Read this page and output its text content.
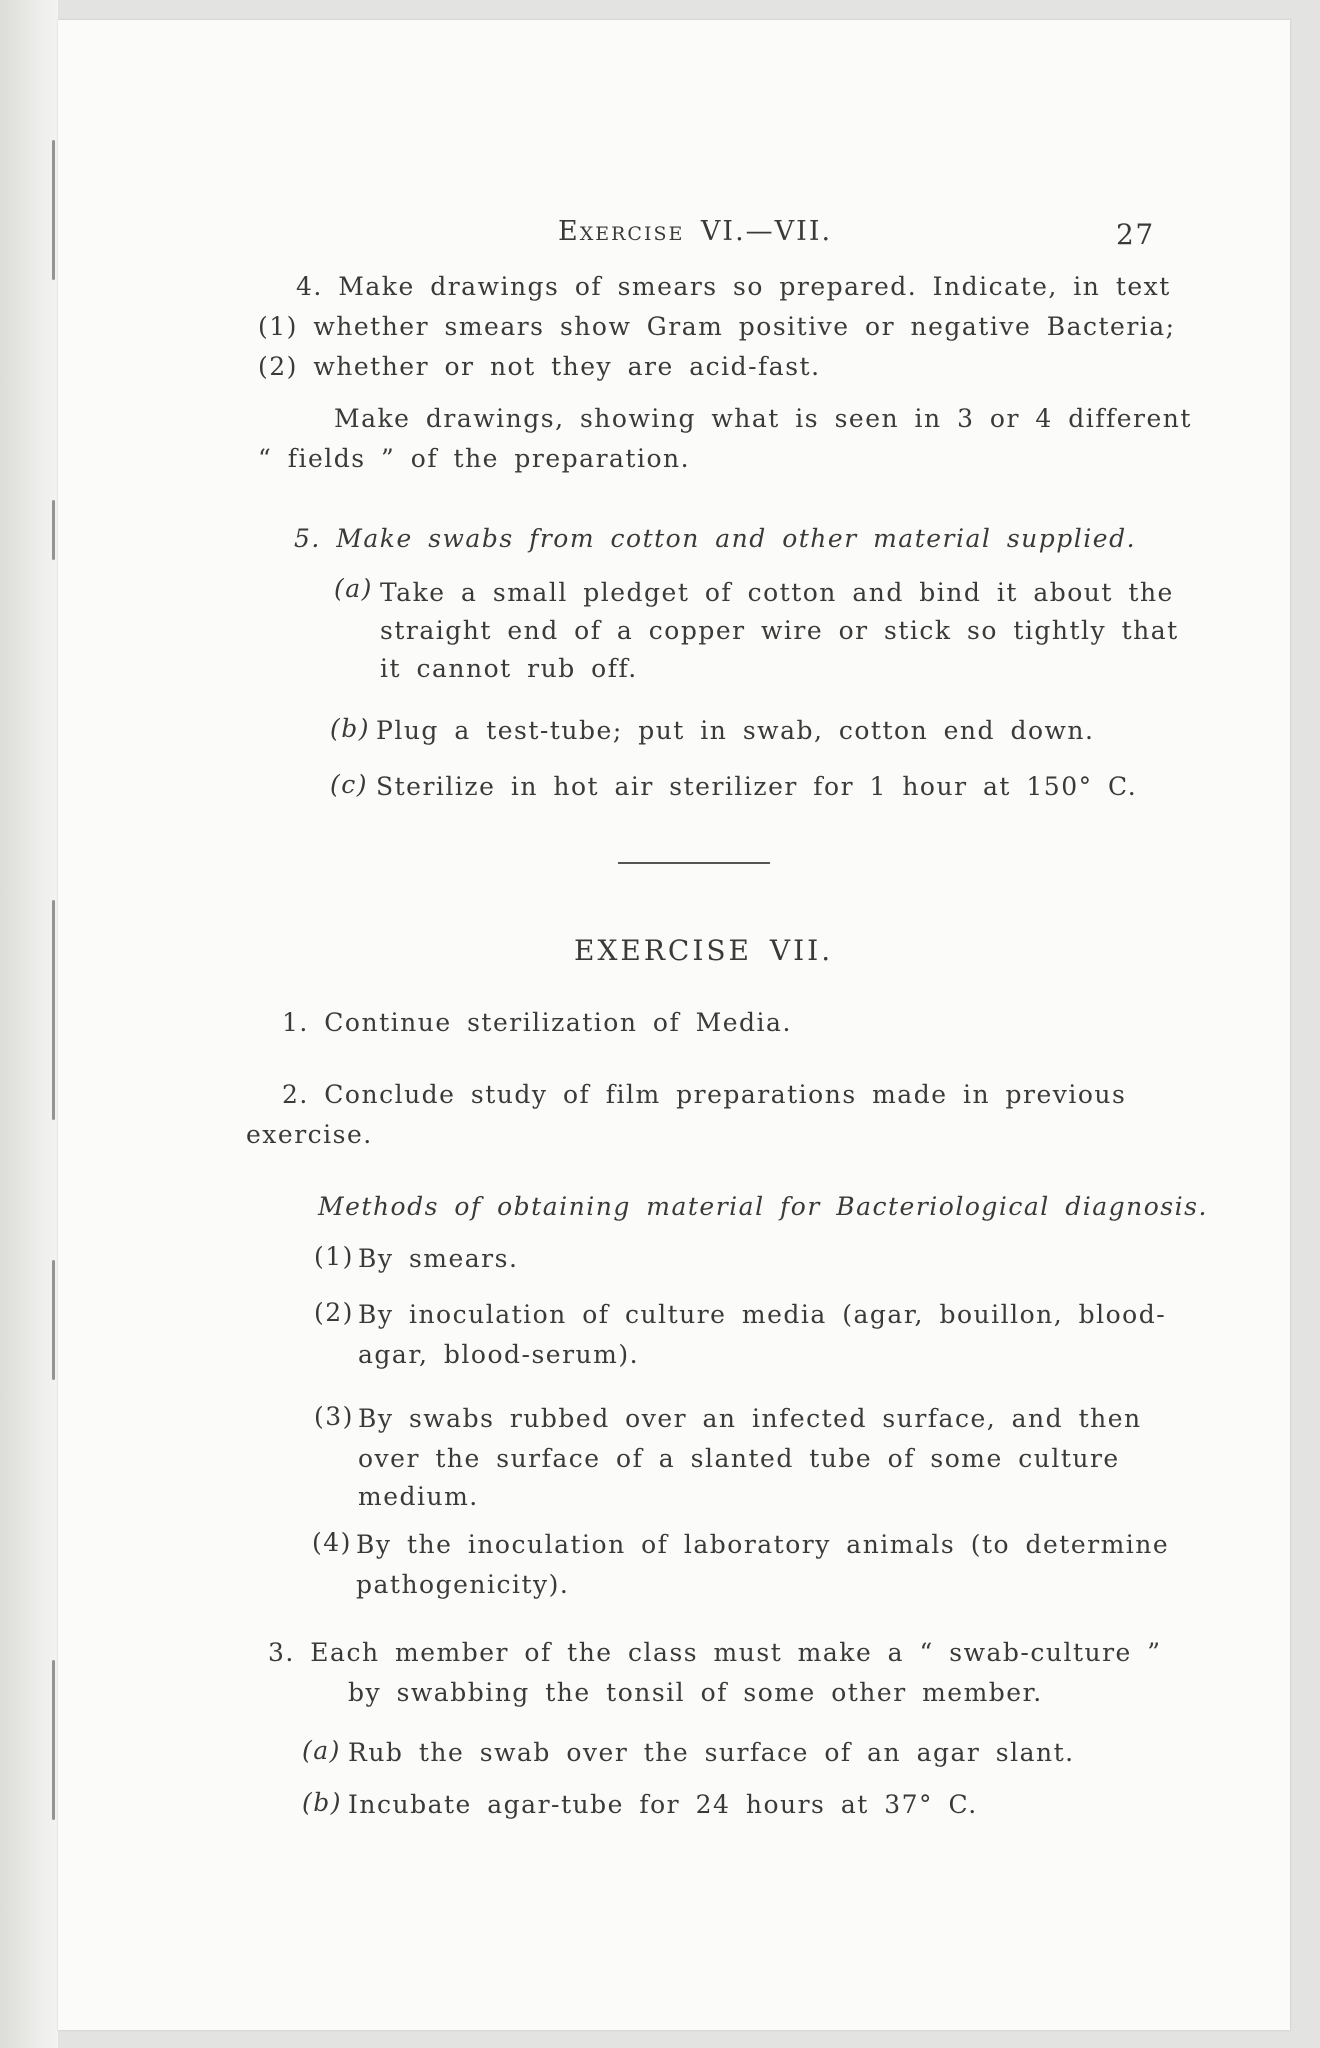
Exercise VI.—VII.	27
4. Make drawings of smears so prepared. Indicate, in text
(1) whether smears show Gram positive or negative Bacteria;
(2) whether or not they are acid-fast.
Make drawings, showing what is seen in 3 or 4 different
“ fields ” of the preparation.
5. Make swabs from cotton and other material supplied.
(a) Take a small pledget of cotton and bind it about the
straight end of a copper wire or stick so tightly that
it cannot rub off.
(b) Plug a test-tube; put in swab, cotton end down.
(c) Sterilize in hot air sterilizer for 1 hour at 150° C.
EXERCISE VII.
1. Continue sterilization of Media.
2. Conclude study of film preparations made in previous
exercise.
Methods of obtaining material for Bacteriological diagnosis.
(1) By smears.
(2) By inoculation of culture media (agar, bouillon, blood-
agar, blood-serum).
(3) By swabs rubbed over an infected surface, and then
over the surface of a slanted tube of some culture
medium.
(4) By the inoculation of laboratory animals (to determine
pathogenicity).
3. Each member of the class must make a “ swab-culture ”
by swabbing the tonsil of some other member.
(a) Rub the swab over the surface of an agar slant.
(b) Incubate agar-tube for 24 hours at 37° C.
